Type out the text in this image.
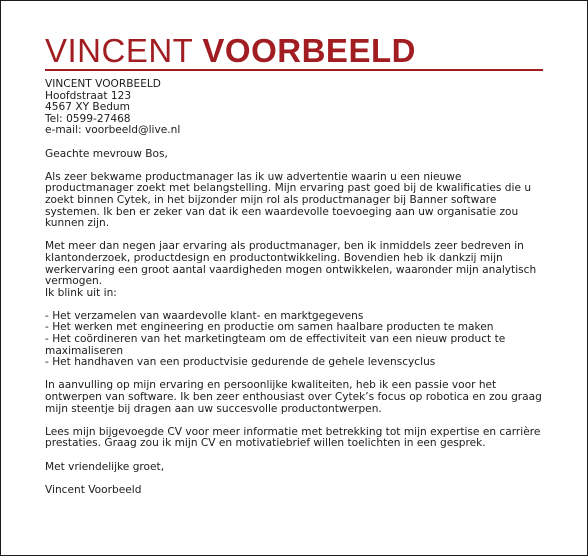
VINCENT VOORBEELD

VINCENT VOORBEELD

Hoofdstraat 123

4567 XY Bedum

Tel: 0599-27468

e-mail: voorbeeld@live.nl

Geachte mevrouw Bos,

Als zeer bekwame productmanager las ik uw advertentie waarin u een nieuwe productmanager zoekt met belangstelling. Mijn ervaring past goed bij de kwalificaties die u zoekt binnen Cytek, in het bijzonder mijn rol als productmanager bij Banner software systemen. Ik ben er zeker van dat ik een waardevolle toevoeging aan uw organisatie zou kunnen zijn.

Met meer dan negen jaar ervaring als productmanager, ben ik inmiddels zeer bedreven in klantonderzoek, productdesign en productontwikkeling. Bovendien heb ik dankzij mijn werkervaring een groot aantal vaardigheden mogen ontwikkelen, waaronder mijn analytisch vermogen.

Ik blink uit in:

- Het verzamelen van waardevolle klant- en marktgegevens
- Het werken met engineering en productie om samen haalbare producten te maken
- Het coördineren van het marketingteam om de effectiviteit van een nieuw product te maximaliseren
- Het handhaven van een productvisie gedurende de gehele levenscyclus

In aanvulling op mijn ervaring en persoonlijke kwaliteiten, heb ik een passie voor het ontwerpen van software. Ik ben zeer enthousiast over Cytek’s focus op robotica en zou graag mijn steentje bij dragen aan uw succesvolle productontwerpen.

Lees mijn bijgevoegde CV voor meer informatie met betrekking tot mijn expertise en carrière prestaties. Graag zou ik mijn CV en motivatiebrief willen toelichten in een gesprek.

Met vriendelijke groet,

Vincent Voorbeeld
